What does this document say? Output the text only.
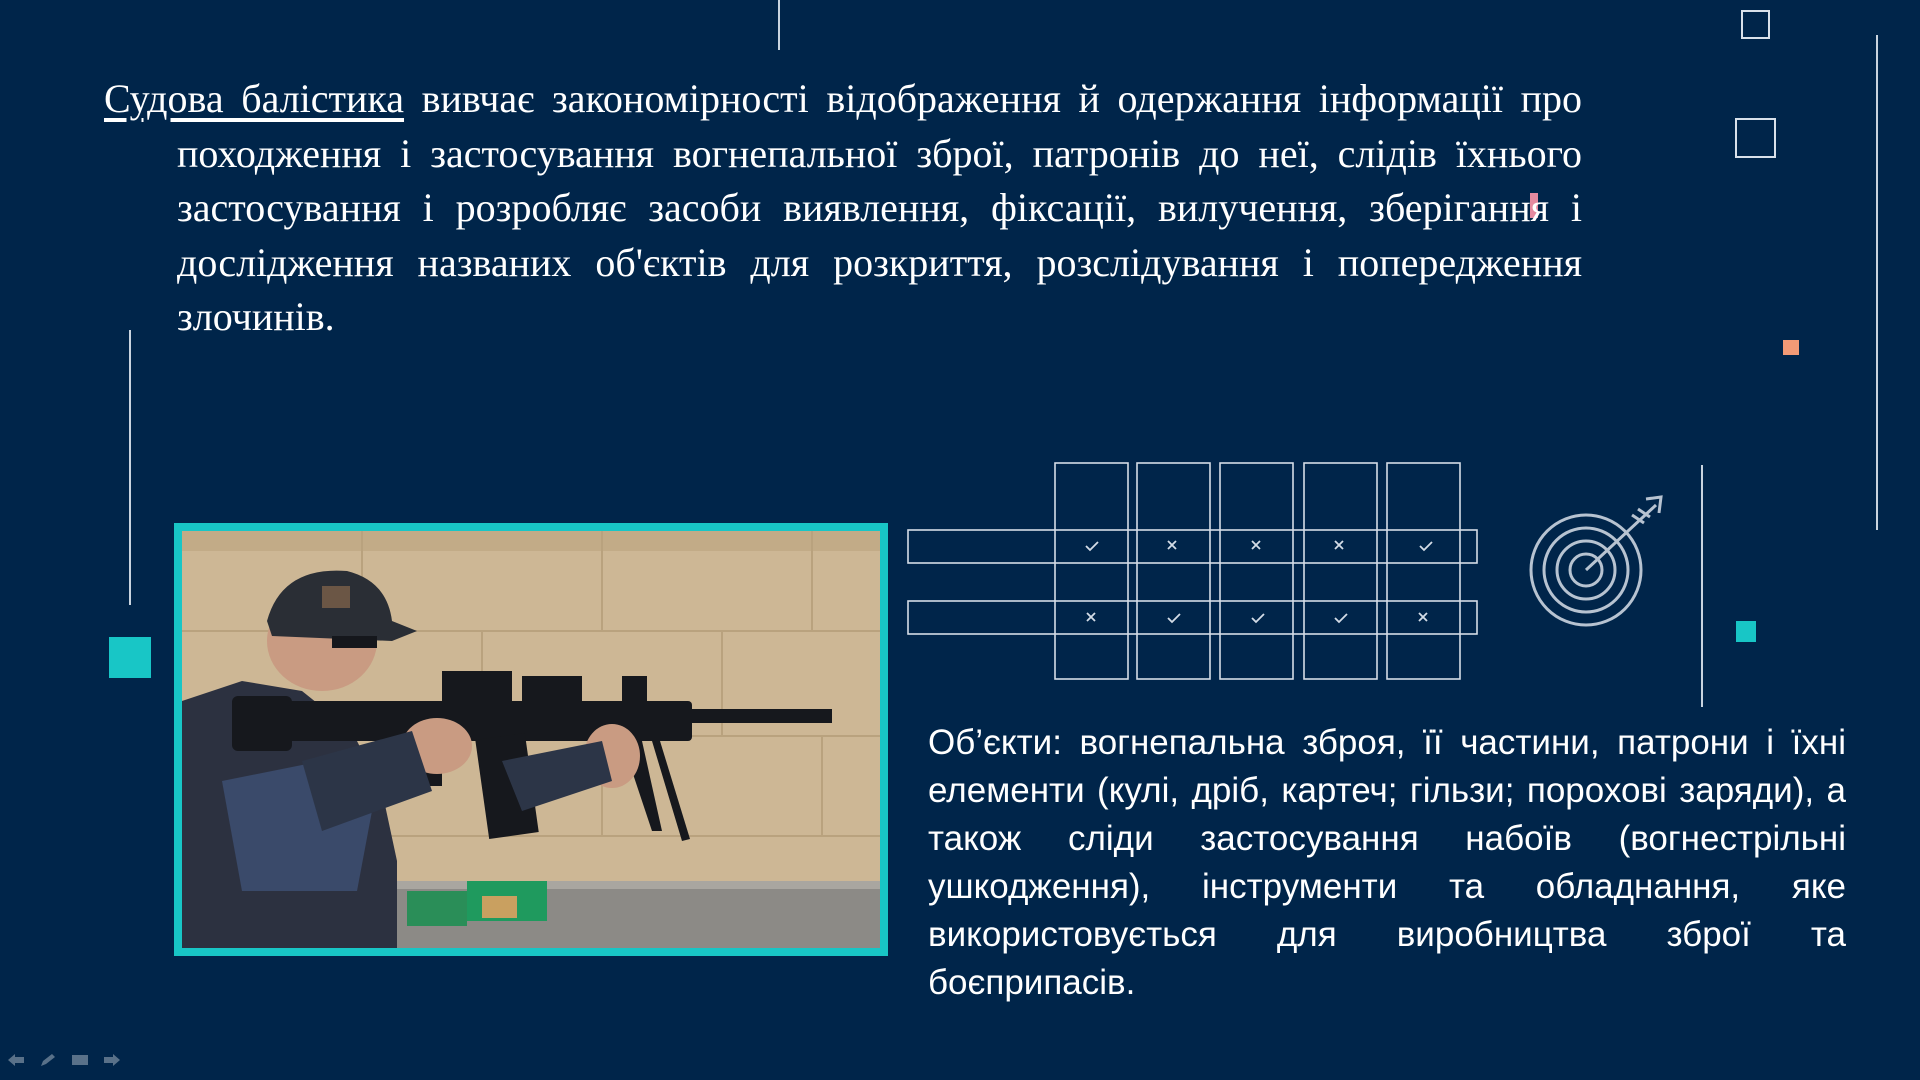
Судова балістика вивчає закономірності відображення й одержання інформації про походження і застосування вогнепальної зброї, патронів до неї, слідів їхнього застосування і розробляє засоби виявлення, фіксації, вилучення, зберігання і дослідження названих об'єктів для розкриття, розслідування і попередження злочинів.
Об’єкти: вогнепальна зброя, її частини, патрони і їхні елементи (кулі, дріб, картеч; гільзи; порохові заряди), а також сліди застосування набоїв (вогнестрільні ушкодження), інструменти та обладнання, яке використовується для виробництва зброї та боєприпасів.
